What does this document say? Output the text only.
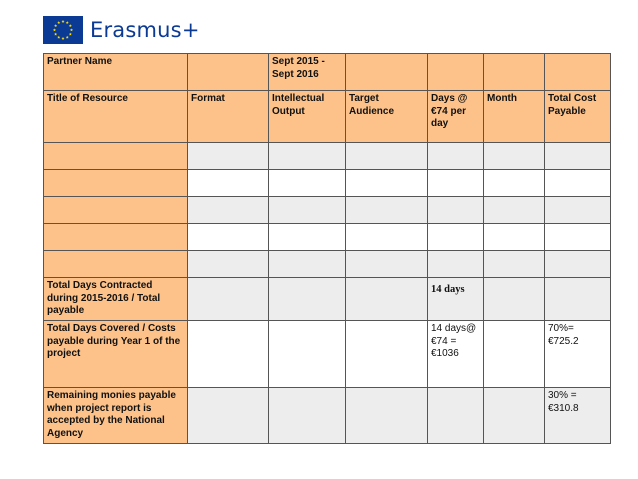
Erasmus+
Partner Name		Sept 2015 - Sept 2016				
Title of Resource	Format	Intellectual Output	Target Audience	Days @ €74 per day	Month	Total Cost Payable

Total Days Contracted during 2015-2016 / Total payable				14 days		
Total Days Covered / Costs payable during Year 1 of the project				14 days@ €74 = €1036		70%= €725.2
Remaining monies payable when project report is accepted by the National Agency						30% = €310.8
